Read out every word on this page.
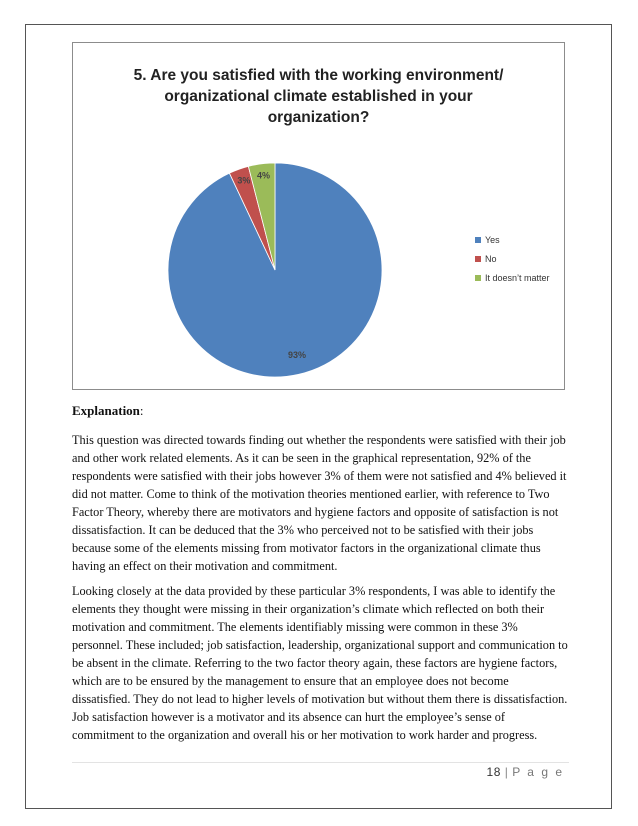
5. Are you satisfied with the working environment/
organizational climate established in your
organization?
93%
3% 4%
Yes
No
It doesn’t matter
Explanation:

This question was directed towards finding out whether the respondents were satisfied with their job and other work related elements. As it can be seen in the graphical representation, 92% of the respondents were satisfied with their jobs however 3% of them were not satisfied and 4% believed it did not matter. Come to think of the motivation theories mentioned earlier, with reference to Two Factor Theory, whereby there are motivators and hygiene factors and opposite of satisfaction is not dissatisfaction. It can be deduced that the 3% who perceived not to be satisfied with their jobs because some of the elements missing from motivator factors in the organizational climate thus having an effect on their motivation and commitment.

Looking closely at the data provided by these particular 3% respondents, I was able to identify the elements they thought were missing in their organization’s climate which reflected on both their motivation and commitment. The elements identifiably missing were common in these 3% personnel. These included; job satisfaction, leadership, organizational support and communication to be absent in the climate. Referring to the two factor theory again, these factors are hygiene factors, which are to be ensured by the management to ensure that an employee does not become dissatisfied. They do not lead to higher levels of motivation but without them there is dissatisfaction. Job satisfaction however is a motivator and its absence can hurt the employee’s sense of commitment to the organization and overall his or her motivation to work harder and progress.

18 | P a g e
